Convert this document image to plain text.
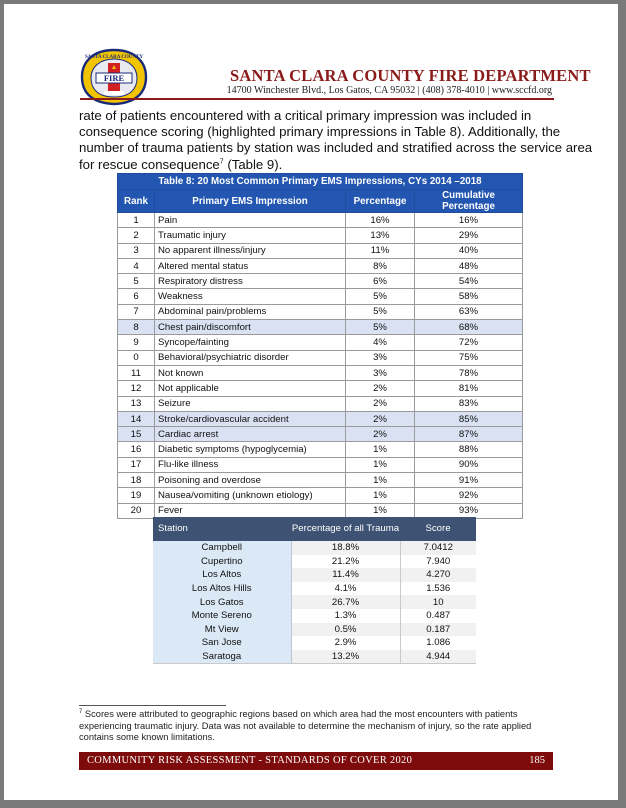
FIRE
SANTA CLARA COUNTY
SANTA CLARA COUNTY FIRE DEPARTMENT
14700 Winchester Blvd., Los Gatos, CA 95032 | (408) 378-4010 | www.sccfd.org
rate of patients encountered with a critical primary impression was included in
consequence scoring (highlighted primary impressions in Table 8). Additionally, the
number of trauma patients by station was included and stratified across the service area
for rescue consequence$^7$ (Table 9).
Table 8: 20 Most Common Primary EMS Impressions, CYs 2014 –2018			
Rank	Primary EMS Impression	Percentage	Cumulative Percentage
1	Pain	16%	16%
2	Traumatic injury	13%	29%
3	No apparent illness/injury	11%	40%
4	Altered mental status	8%	48%
5	Respiratory distress	6%	54%
6	Weakness	5%	58%
7	Abdominal pain/problems	5%	63%
8	Chest pain/discomfort	5%	68%
9	Syncope/fainting	4%	72%
0	Behavioral/psychiatric disorder	3%	75%
11	Not known	3%	78%
12	Not applicable	2%	81%
13	Seizure	2%	83%
14	Stroke/cardiovascular accident	2%	85%
15	Cardiac arrest	2%	87%
16	Diabetic symptoms (hypoglycemia)	1%	88%
17	Flu-like illness	1%	90%
18	Poisoning and overdose	1%	91%
19	Nausea/vomiting (unknown etiology)	1%	92%
20	Fever	1%	93%
Station	Percentage of all Trauma	Score
Campbell	18.8%	7.0412
Cupertino	21.2%	7.940
Los Altos	11.4%	4.270
Los Altos Hills	4.1%	1.536
Los Gatos	26.7%	10
Monte Sereno	1.3%	0.487
Mt View	0.5%	0.187
San Jose	2.9%	1.086
Saratoga	13.2%	4.944
$^7$ Scores were attributed to geographic regions based on which area had the most encounters with patients experiencing traumatic injury. Data was not available to determine the mechanism of injury, so the rate applied contains some known limitations.
COMMUNITY RISK ASSESSMENT - STANDARDS OF COVER 2020	185
